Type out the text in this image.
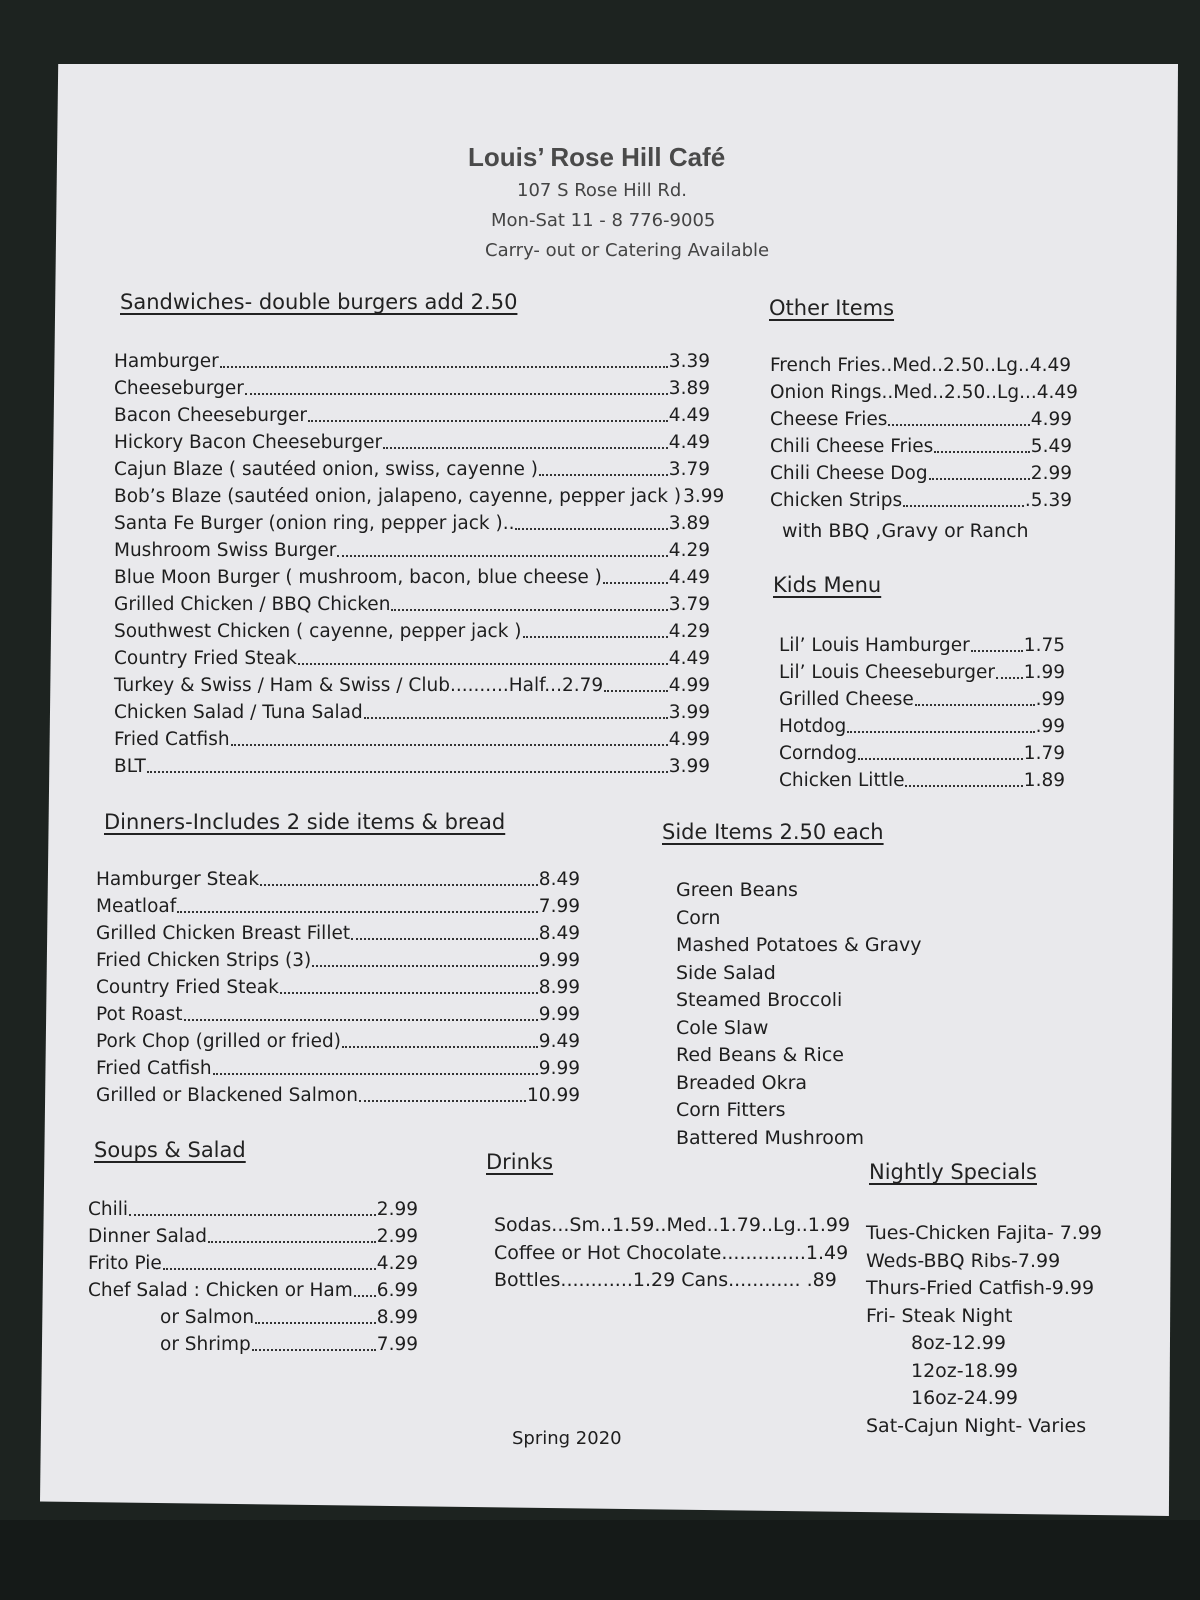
Louis’ Rose Hill Café
107 S Rose Hill Rd.
Mon-Sat 11 - 8 776-9005
Carry- out or Catering Available
Sandwiches- double burgers add 2.50
Hamburger	3.39
Cheeseburger	3.89
Bacon Cheeseburger	4.49
Hickory Bacon Cheeseburger	4.49
Cajun Blaze ( sautéed onion, swiss, cayenne )	3.79
Bob’s Blaze (sautéed onion, jalapeno, cayenne, pepper jack ) 3.99
Santa Fe Burger (onion ring, pepper jack )..	3.89
Mushroom Swiss Burger	4.29
Blue Moon Burger ( mushroom, bacon, blue cheese )	4.49
Grilled Chicken / BBQ Chicken	3.79
Southwest Chicken ( cayenne, pepper jack )	4.29
Country Fried Steak	4.49
Turkey & Swiss / Ham & Swiss / Club..........Half...2.79	4.99
Chicken Salad / Tuna Salad	3.99
Fried Catfish	4.99
BLT	3.99
Other Items
French Fries..Med..2.50..Lg..4.49
Onion Rings..Med..2.50..Lg...4.49
Cheese Fries	4.99
Chili Cheese Fries	5.49
Chili Cheese Dog	2.99
Chicken Strips	.5.39
with BBQ ,Gravy or Ranch
Kids Menu
Lil’ Louis Hamburger	1.75
Lil’ Louis Cheeseburger 1.99
Grilled Cheese	.99
Hotdog	.99
Corndog	1.79
Chicken Little	1.89
Dinners-Includes 2 side items & bread
Hamburger Steak	8.49
Meatloaf	7.99
Grilled Chicken Breast Fillet	8.49
Fried Chicken Strips (3)	9.99
Country Fried Steak	8.99
Pot Roast	9.99
Pork Chop (grilled or fried)	9.49
Fried Catfish	9.99
Grilled or Blackened Salmon	10.99
Side Items 2.50 each
Green Beans
Corn
Mashed Potatoes & Gravy
Side Salad
Steamed Broccoli
Cole Slaw
Red Beans & Rice
Breaded Okra
Corn Fitters
Battered Mushroom
Soups & Salad
Chili	2.99
Dinner Salad	2.99
Frito Pie	4.29
Chef Salad : Chicken or Ham 6.99
or Salmon	8.99
or Shrimp	7.99
Drinks
Sodas...Sm..1.59..Med..1.79..Lg..1.99
Coffee or Hot Chocolate..............1.49
Bottles............1.29 Cans............ .89
Nightly Specials
Tues-Chicken Fajita- 7.99
Weds-BBQ Ribs-7.99
Thurs-Fried Catfish-9.99
Fri- Steak Night
8oz-12.99
12oz-18.99
16oz-24.99
Sat-Cajun Night- Varies
Spring 2020
